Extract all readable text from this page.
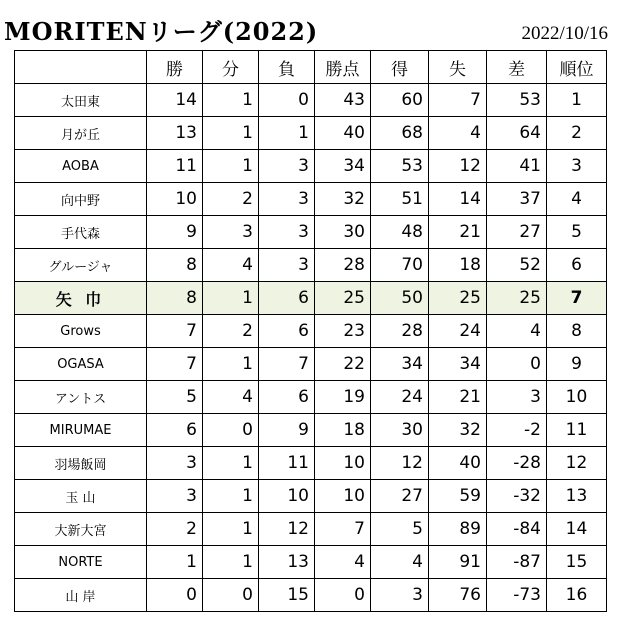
MORITENリーグ(2022)	2022/10/16
	勝	分	負	勝点	得	失	差	順位
太田東	14	1	0	43	60	7	53	1
月が丘	13	1	1	40	68	4	64	2
AOBA	11	1	3	34	53	12	41	3
向中野	10	2	3	32	51	14	37	4
手代森	9	3	3	30	48	21	27	5
グルージャ	8	4	3	28	70	18	52	6
矢 巾	8	1	6	25	50	25	25	7
Grows	7	2	6	23	28	24	4	8
OGASA	7	1	7	22	34	34	0	9
アントス	5	4	6	19	24	21	3	10
MIRUMAE	6	0	9	18	30	32	-2	11
羽場飯岡	3	1	11	10	12	40	-28	12
玉 山	3	1	10	10	27	59	-32	13
大新大宮	2	1	12	7	5	89	-84	14
NORTE	1	1	13	4	4	91	-87	15
山 岸	0	0	15	0	3	76	-73	16
